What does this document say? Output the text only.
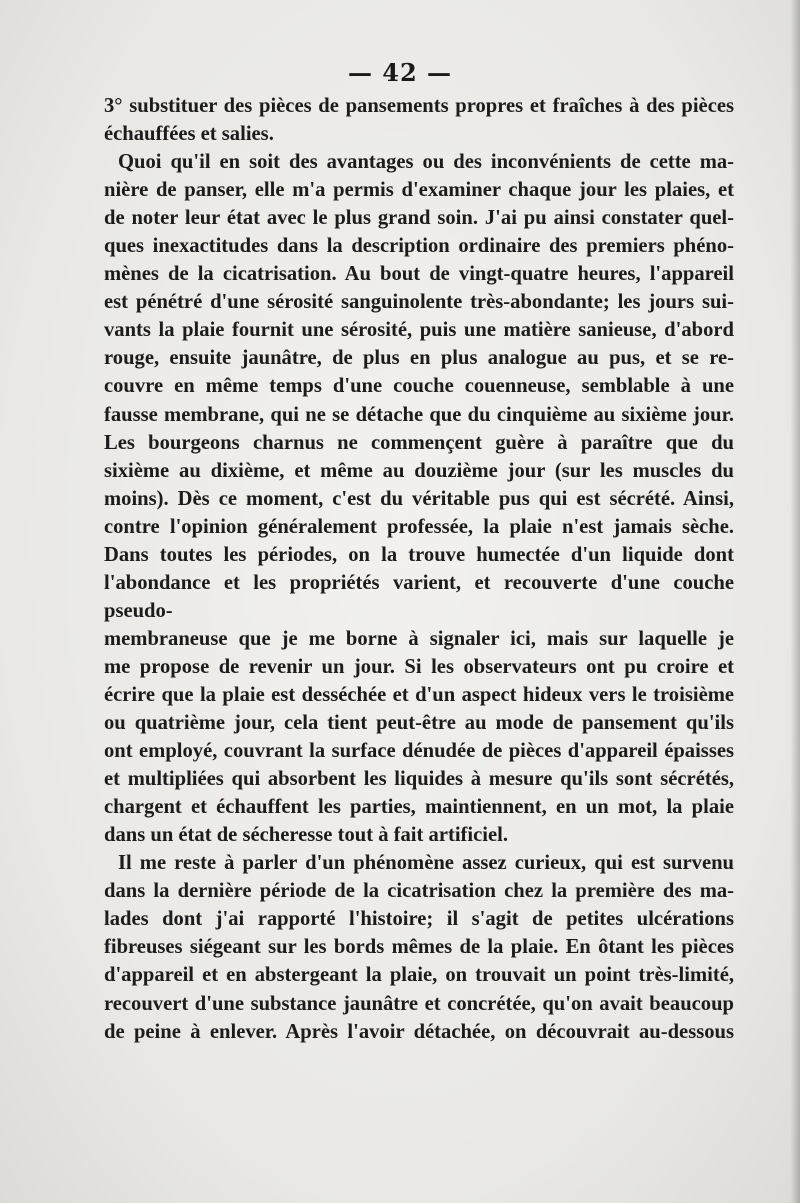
— 42 —

3° substituer des pièces de pansements propres et fraîches à des pièces

échauffées et salies.

Quoi qu'il en soit des avantages ou des inconvénients de cette ma-

nière de panser, elle m'a permis d'examiner chaque jour les plaies, et

de noter leur état avec le plus grand soin. J'ai pu ainsi constater quel-

ques inexactitudes dans la description ordinaire des premiers phéno-

mènes de la cicatrisation. Au bout de vingt-quatre heures, l'appareil

est pénétré d'une sérosité sanguinolente très-abondante; les jours sui-

vants la plaie fournit une sérosité, puis une matière sanieuse, d'abord

rouge, ensuite jaunâtre, de plus en plus analogue au pus, et se re-

couvre en même temps d'une couche couenneuse, semblable à une

fausse membrane, qui ne se détache que du cinquième au sixième jour.

Les bourgeons charnus ne commençent guère à paraître que du

sixième au dixième, et même au douzième jour (sur les muscles du

moins). Dès ce moment, c'est du véritable pus qui est sécrété. Ainsi,

contre l'opinion généralement professée, la plaie n'est jamais sèche.

Dans toutes les périodes, on la trouve humectée d'un liquide dont

l'abondance et les propriétés varient, et recouverte d'une couche pseudo-

membraneuse que je me borne à signaler ici, mais sur laquelle je

me propose de revenir un jour. Si les observateurs ont pu croire et

écrire que la plaie est desséchée et d'un aspect hideux vers le troisième

ou quatrième jour, cela tient peut-être au mode de pansement qu'ils

ont employé, couvrant la surface dénudée de pièces d'appareil épaisses

et multipliées qui absorbent les liquides à mesure qu'ils sont sécrétés,

chargent et échauffent les parties, maintiennent, en un mot, la plaie

dans un état de sécheresse tout à fait artificiel.

Il me reste à parler d'un phénomène assez curieux, qui est survenu

dans la dernière période de la cicatrisation chez la première des ma-

lades dont j'ai rapporté l'histoire; il s'agit de petites ulcérations

fibreuses siégeant sur les bords mêmes de la plaie. En ôtant les pièces

d'appareil et en abstergeant la plaie, on trouvait un point très-limité,

recouvert d'une substance jaunâtre et concrétée, qu'on avait beaucoup

de peine à enlever. Après l'avoir détachée, on découvrait au-dessous
